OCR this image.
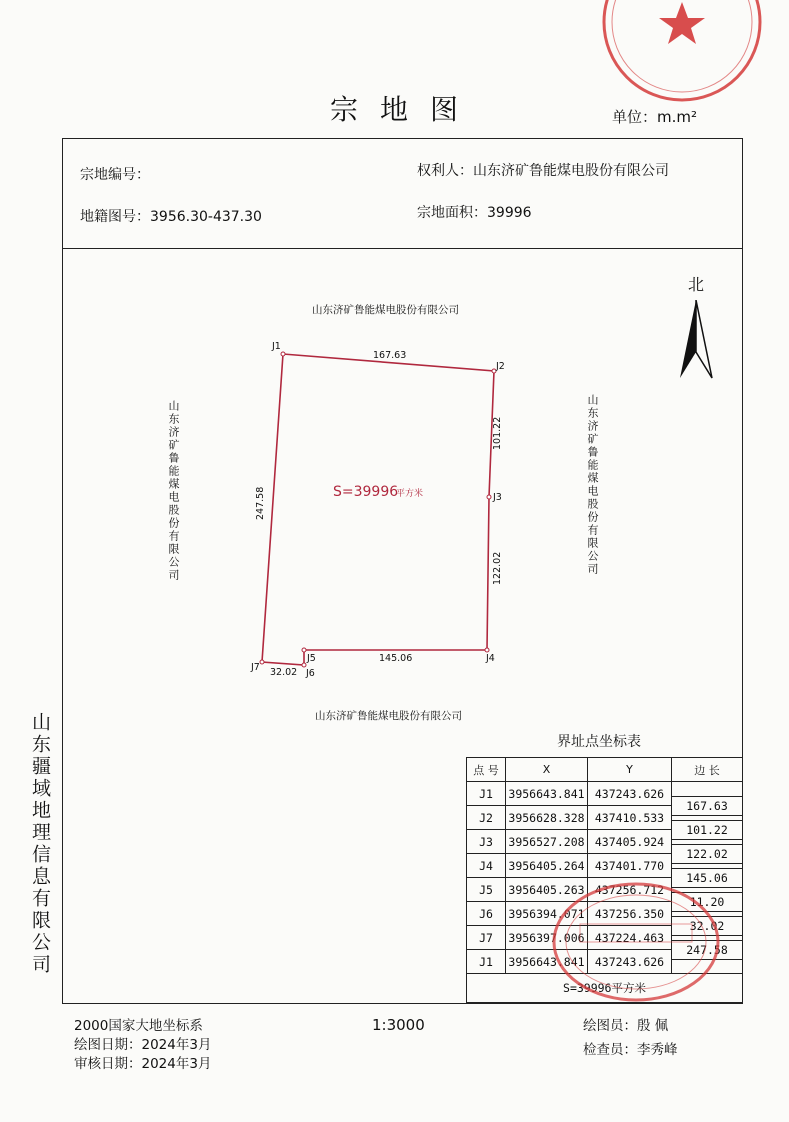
宗地图	单位：m.m²
宗地编号：	权利人：山东济矿鲁能煤电股份有限公司
地籍图号：3956.30-437.30	宗地面积：39996
北
山东济矿鲁能煤电股份有限公司
山东济矿鲁能煤电股份有限公司
山东济矿鲁能煤电股份有限公司	山东济矿鲁能煤电股份有限公司
J1
J2
J3
J4
J5
J6
J7
167.63
101.22
122.02
145.06
32.02
247.58	S=39996
平方米
山东疆域地理信息有限公司	界址点坐标表
点 号	X	Y	边 长
J1	3956643.841	437243.626	167.63

J2	3956628.328	437410.533	101.22

J3	3956527.208	437405.924	122.02

J4	3956405.264	437401.770	145.06

J5	3956405.263	437256.712	11.20

J6	3956394.071	437256.350	32.02

J7	3956397.006	437224.463	247.58

J1	3956643.841	437243.626	
S=39996平方米			
2000国家大地坐标系
绘图日期：2024年3月
审核日期：2024年3月
1:3000	绘图员：殷 佩
检查员：李秀峰
